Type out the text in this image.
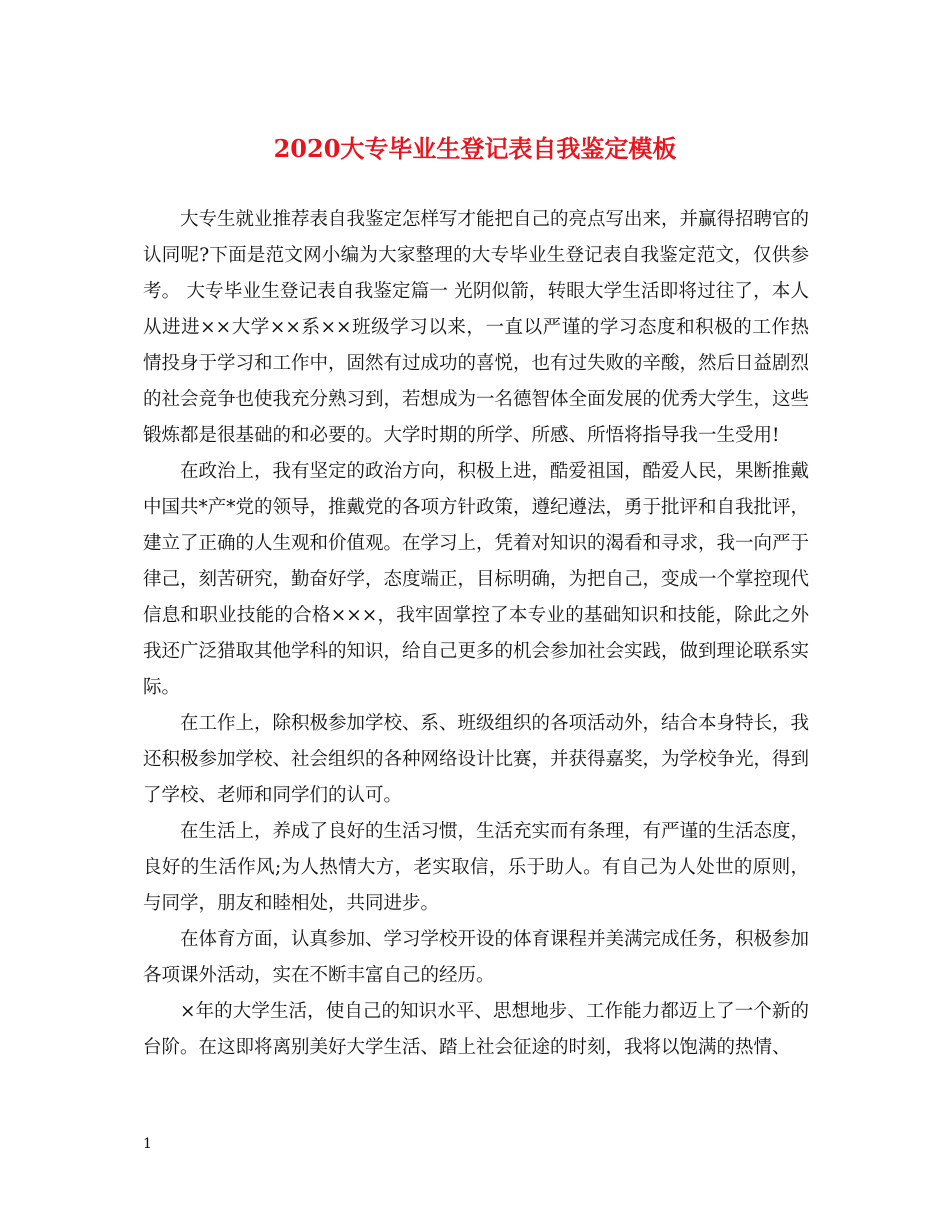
2020大专毕业生登记表自我鉴定模板

大专生就业推荐表自我鉴定怎样写才能把自己的亮点写出来，并赢得招聘官的认同呢?下面是范文网小编为大家整理的大专毕业生登记表自我鉴定范文，仅供参考。 大专毕业生登记表自我鉴定篇一 光阴似箭，转眼大学生活即将过往了，本人从进进××大学××系××班级学习以来，一直以严谨的学习态度和积极的工作热情投身于学习和工作中，固然有过成功的喜悦，也有过失败的辛酸，然后日益剧烈的社会竞争也使我充分熟习到，若想成为一名德智体全面发展的优秀大学生，这些锻炼都是很基础的和必要的。大学时期的所学、所感、所悟将指导我一生受用!

在政治上，我有坚定的政治方向，积极上进，酷爱祖国，酷爱人民，果断推戴中国共*产*党的领导，推戴党的各项方针政策，遵纪遵法，勇于批评和自我批评，建立了正确的人生观和价值观。在学习上，凭着对知识的渴看和寻求，我一向严于律己，刻苦研究，勤奋好学，态度端正，目标明确，为把自己，变成一个掌控现代信息和职业技能的合格×××，我牢固掌控了本专业的基础知识和技能，除此之外我还广泛猎取其他学科的知识，给自己更多的机会参加社会实践，做到理论联系实际。

在工作上，除积极参加学校、系、班级组织的各项活动外，结合本身特长，我还积极参加学校、社会组织的各种网络设计比赛，并获得嘉奖，为学校争光，得到了学校、老师和同学们的认可。

在生活上，养成了良好的生活习惯，生活充实而有条理，有严谨的生活态度，良好的生活作风;为人热情大方，老实取信，乐于助人。有自己为人处世的原则，与同学，朋友和睦相处，共同进步。

在体育方面，认真参加、学习学校开设的体育课程并美满完成任务，积极参加各项课外活动，实在不断丰富自己的经历。

×年的大学生活，使自己的知识水平、思想地步、工作能力都迈上了一个新的台阶。在这即将离别美好大学生活、踏上社会征途的时刻，我将以饱满的热情、

1
